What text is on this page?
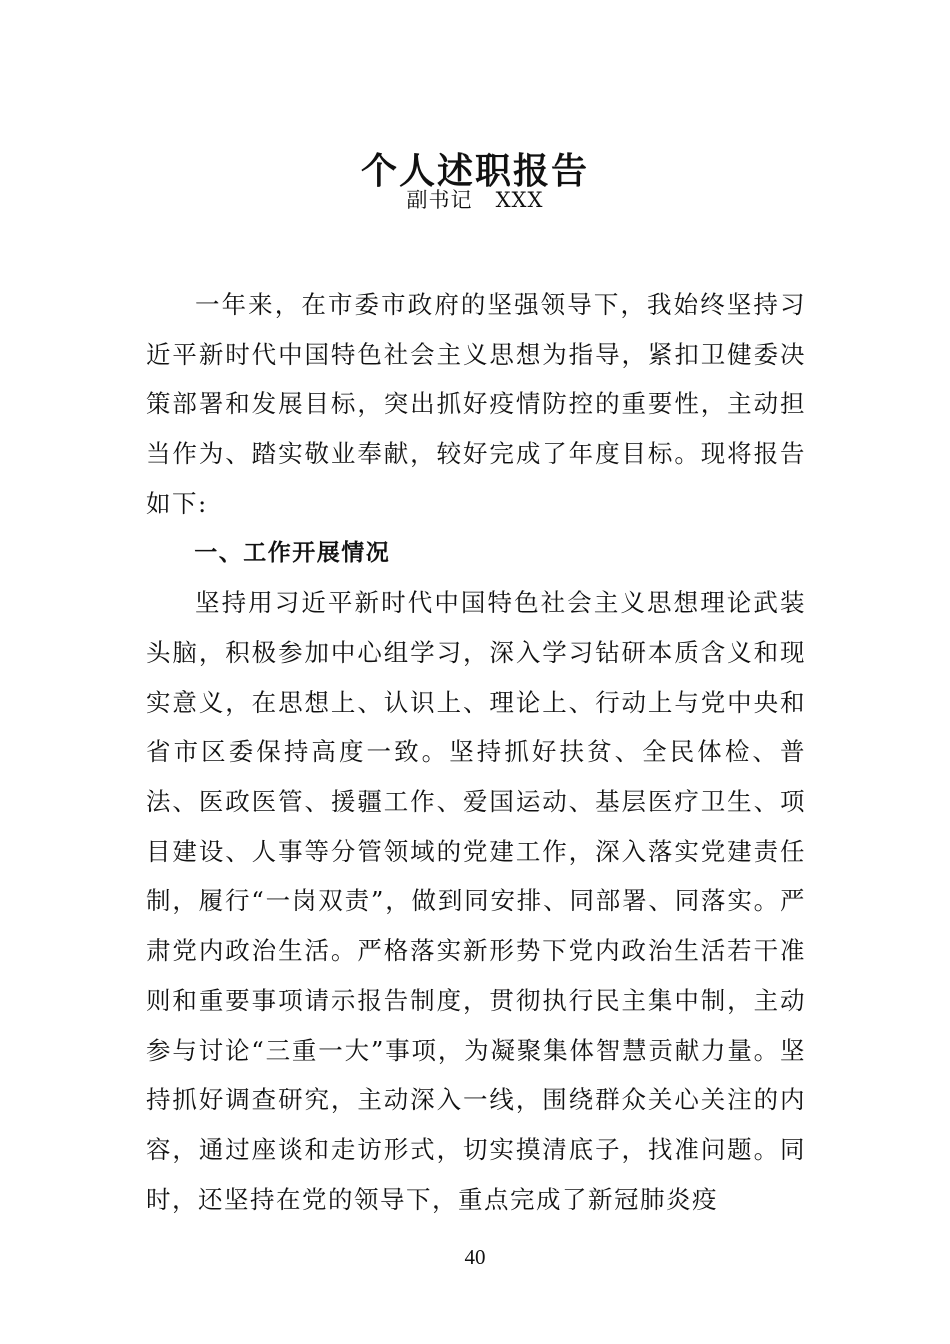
个人述职报告
副书记   XXX

一年来，在市委市政府的坚强领导下，我始终坚持习近平新时代中国特色社会主义思想为指导，紧扣卫健委决策部署和发展目标，突出抓好疫情防控的重要性，主动担当作为、踏实敬业奉献，较好完成了年度目标。现将报告如下:

一、工作开展情况

坚持用习近平新时代中国特色社会主义思想理论武装头脑，积极参加中心组学习，深入学习钻研本质含义和现实意义，在思想上、认识上、理论上、行动上与党中央和省市区委保持高度一致。坚持抓好扶贫、全民体检、普法、医政医管、援疆工作、爱国运动、基层医疗卫生、项目建设、人事等分管领域的党建工作，深入落实党建责任制，履行“一岗双责”，做到同安排、同部署、同落实。严肃党内政治生活。严格落实新形势下党内政治生活若干准则和重要事项请示报告制度，贯彻执行民主集中制，主动参与讨论“三重一大”事项，为凝聚集体智慧贡献力量。坚持抓好调查研究，主动深入一线，围绕群众关心关注的内容，通过座谈和走访形式，切实摸清底子，找准问题。同时，还坚持在党的领导下，重点完成了新冠肺炎疫

40
